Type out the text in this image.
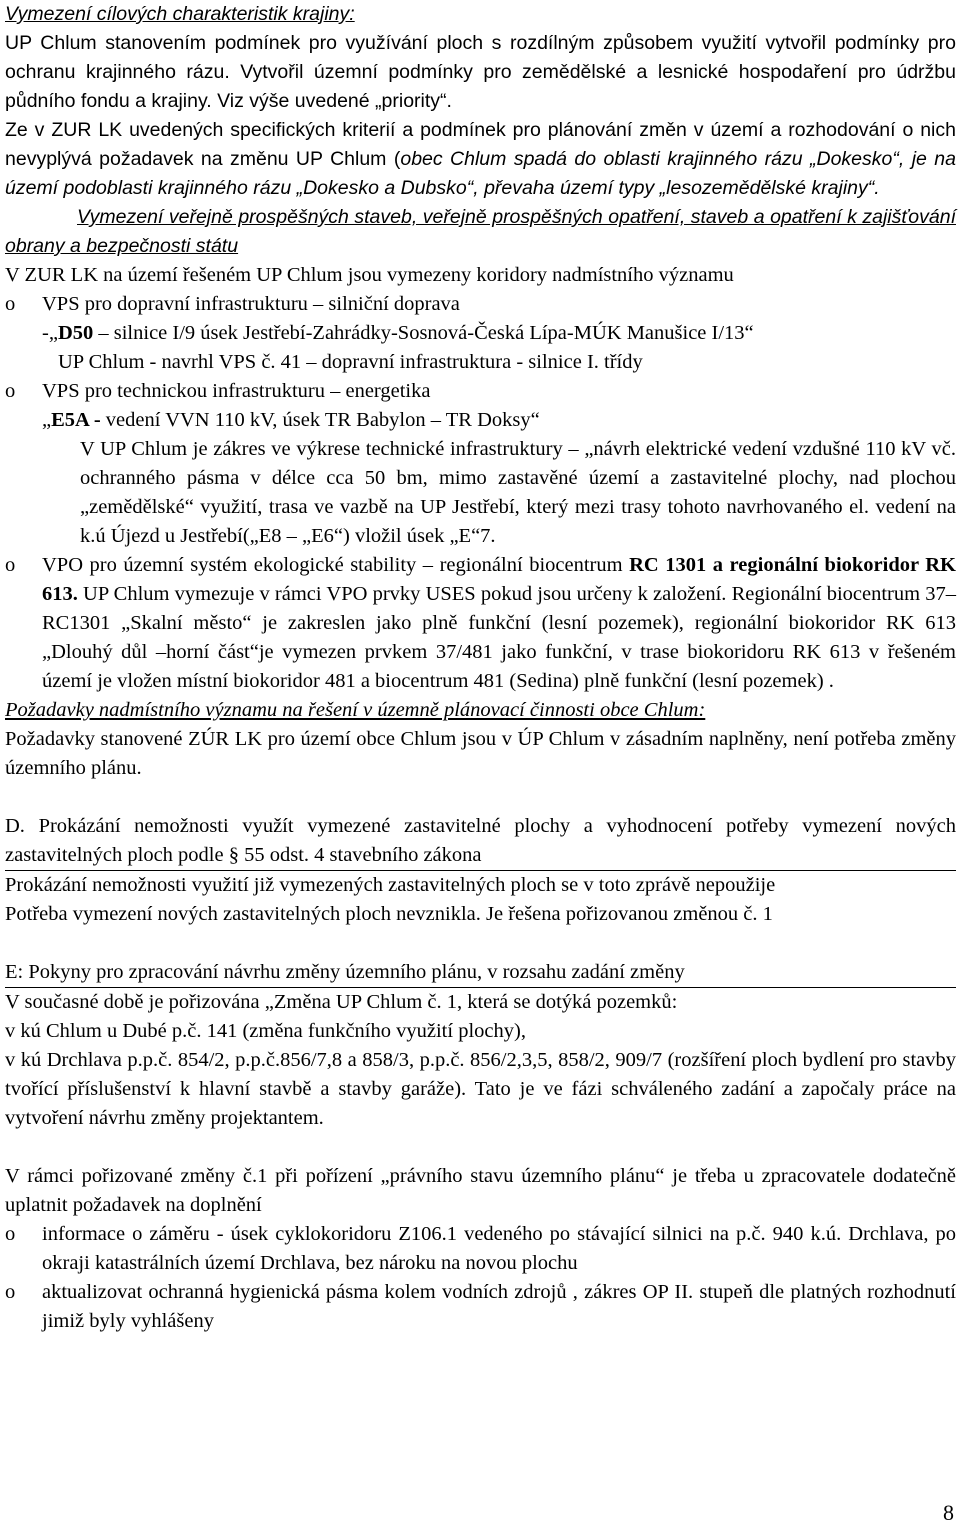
Vymezení cílových charakteristik krajiny:

UP Chlum stanovením podmínek pro využívání ploch s rozdílným způsobem využití vytvořil podmínky pro ochranu krajinného rázu. Vytvořil územní podmínky pro zemědělské a lesnické hospodaření pro údržbu půdního fondu a krajiny. Viz výše uvedené „priority“.

Ze v ZUR LK uvedených specifických kriterií a podmínek pro plánování změn v území a rozhodování o nich nevyplývá požadavek na změnu UP Chlum (obec Chlum spadá do oblasti krajinného rázu „Dokesko“, je na území podoblasti krajinného rázu „Dokesko a Dubsko“, převaha území typy „lesozemědělské krajiny“.

Vymezení veřejně prospěšných staveb, veřejně prospěšných opatření, staveb a opatření k zajišťování obrany a bezpečnosti státu

V ZUR LK na území řešeném UP Chlum jsou vymezeny koridory nadmístního významu

o VPS pro dopravní infrastrukturu – silniční doprava

-„D50 – silnice I/9 úsek Jestřebí-Zahrádky-Sosnová-Česká Lípa-MÚK Manušice I/13“

UP Chlum - navrhl VPS č. 41 – dopravní infrastruktura - silnice I. třídy

o VPS pro technickou infrastrukturu – energetika

„E5A - vedení VVN 110 kV, úsek TR Babylon – TR Doksy“

V UP Chlum je zákres ve výkrese technické infrastruktury – „návrh elektrické vedení vzdušné 110 kV vč. ochranného pásma v délce cca 50 bm, mimo zastavěné území a zastavitelné plochy, nad plochou „zemědělské“ využití, trasa ve vazbě na UP Jestřebí, který mezi trasy tohoto navrhovaného el. vedení na k.ú Újezd u Jestřebí(„E8 – „E6“) vložil úsek „E“7.

o VPO pro územní systém ekologické stability – regionální biocentrum RC 1301 a regionální biokoridor RK 613. UP Chlum vymezuje v rámci VPO prvky USES pokud jsou určeny k založení. Regionální biocentrum 37–RC1301 „Skalní město“ je zakreslen jako plně funkční (lesní pozemek), regionální biokoridor RK 613 „Dlouhý důl –horní část“je vymezen prvkem 37/481 jako funkční, v trase biokoridoru RK 613 v řešeném území je vložen místní biokoridor 481 a biocentrum 481 (Sedina) plně funkční (lesní pozemek) .

Požadavky nadmístního významu na řešení v územně plánovací činnosti obce Chlum:

Požadavky stanovené ZÚR LK pro území obce Chlum jsou v ÚP Chlum v zásadním naplněny, není potřeba změny územního plánu.

D. Prokázání nemožnosti využít vymezené zastavitelné plochy a vyhodnocení potřeby vymezení nových zastavitelných ploch podle § 55 odst. 4 stavebního zákona

Prokázání nemožnosti využití již vymezených zastavitelných ploch se v toto zprávě nepoužije

Potřeba vymezení nových zastavitelných ploch nevznikla. Je řešena pořizovanou změnou č. 1

E: Pokyny pro zpracování návrhu změny územního plánu, v rozsahu zadání změny

V současné době je pořizována „Změna UP Chlum č. 1, která se dotýká pozemků:

v kú Chlum u Dubé p.č. 141 (změna funkčního využití plochy),

v kú Drchlava p.p.č. 854/2, p.p.č.856/7,8 a 858/3, p.p.č. 856/2,3,5, 858/2, 909/7 (rozšíření ploch bydlení pro stavby tvořící příslušenství k hlavní stavbě a stavby garáže). Tato je ve fázi schváleného zadání a započaly práce na vytvoření návrhu změny projektantem.

V rámci pořizované změny č.1 při pořízení „právního stavu územního plánu“ je třeba u zpracovatele dodatečně uplatnit požadavek na doplnění

o informace o záměru - úsek cyklokoridoru Z106.1 vedeného po stávající silnici na p.č. 940 k.ú. Drchlava, po okraji katastrálních území Drchlava, bez nároku na novou plochu

o aktualizovat ochranná hygienická pásma kolem vodních zdrojů , zákres OP II. stupeň dle platných rozhodnutí jimiž byly vyhlášeny

8
